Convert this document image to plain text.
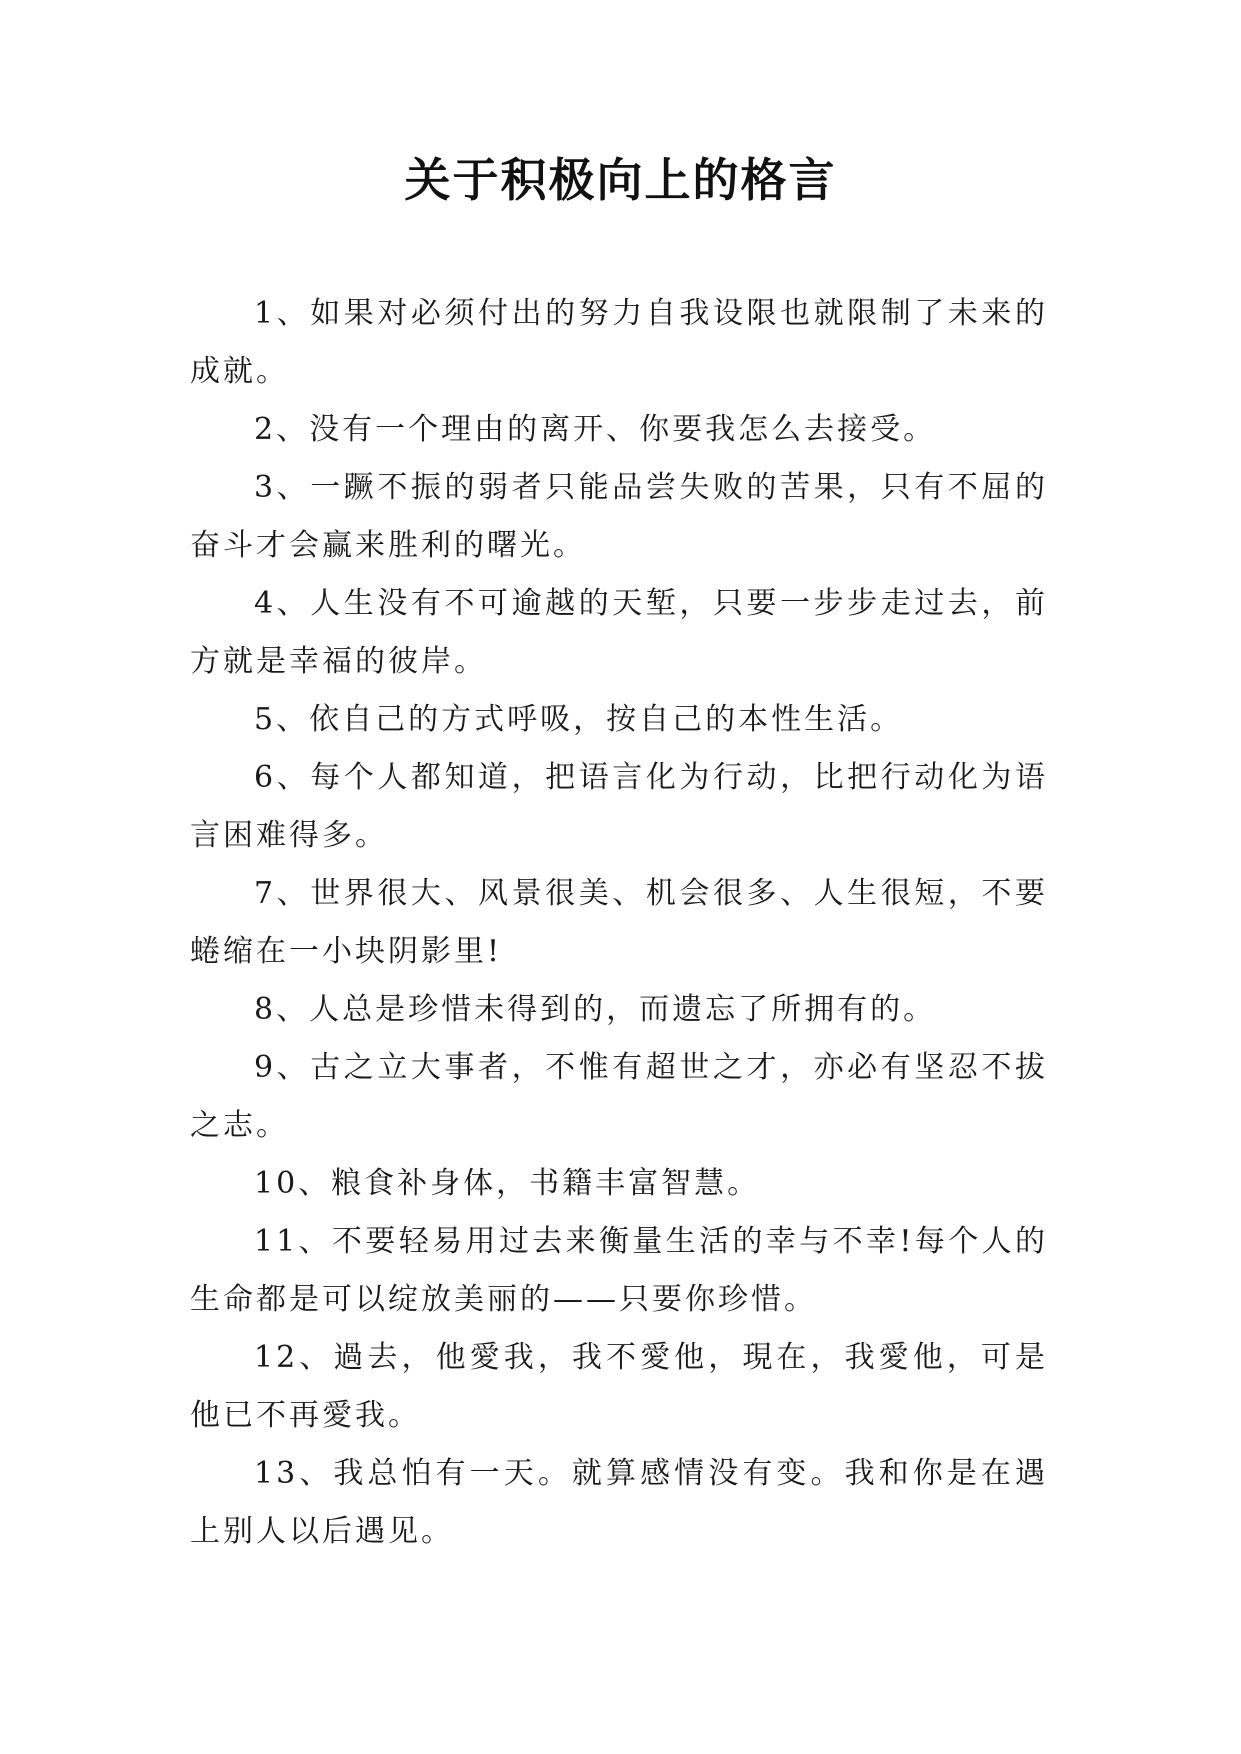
关于积极向上的格言

1、如果对必须付出的努力自我设限也就限制了未来的成就。

2、没有一个理由的离开、你要我怎么去接受。

3、一蹶不振的弱者只能品尝失败的苦果，只有不屈的奋斗才会赢来胜利的曙光。

4、人生没有不可逾越的天堑，只要一步步走过去，前方就是幸福的彼岸。

5、依自己的方式呼吸，按自己的本性生活。

6、每个人都知道，把语言化为行动，比把行动化为语言困难得多。

7、世界很大、风景很美、机会很多、人生很短，不要蜷缩在一小块阴影里!

8、人总是珍惜未得到的，而遗忘了所拥有的。

9、古之立大事者，不惟有超世之才，亦必有坚忍不拔之志。

10、粮食补身体，书籍丰富智慧。

11、不要轻易用过去来衡量生活的幸与不幸!每个人的生命都是可以绽放美丽的——只要你珍惜。

12、過去，他愛我，我不愛他，現在，我愛他，可是他已不再愛我。

13、我总怕有一天。就算感情没有变。我和你是在遇上别人以后遇见。
